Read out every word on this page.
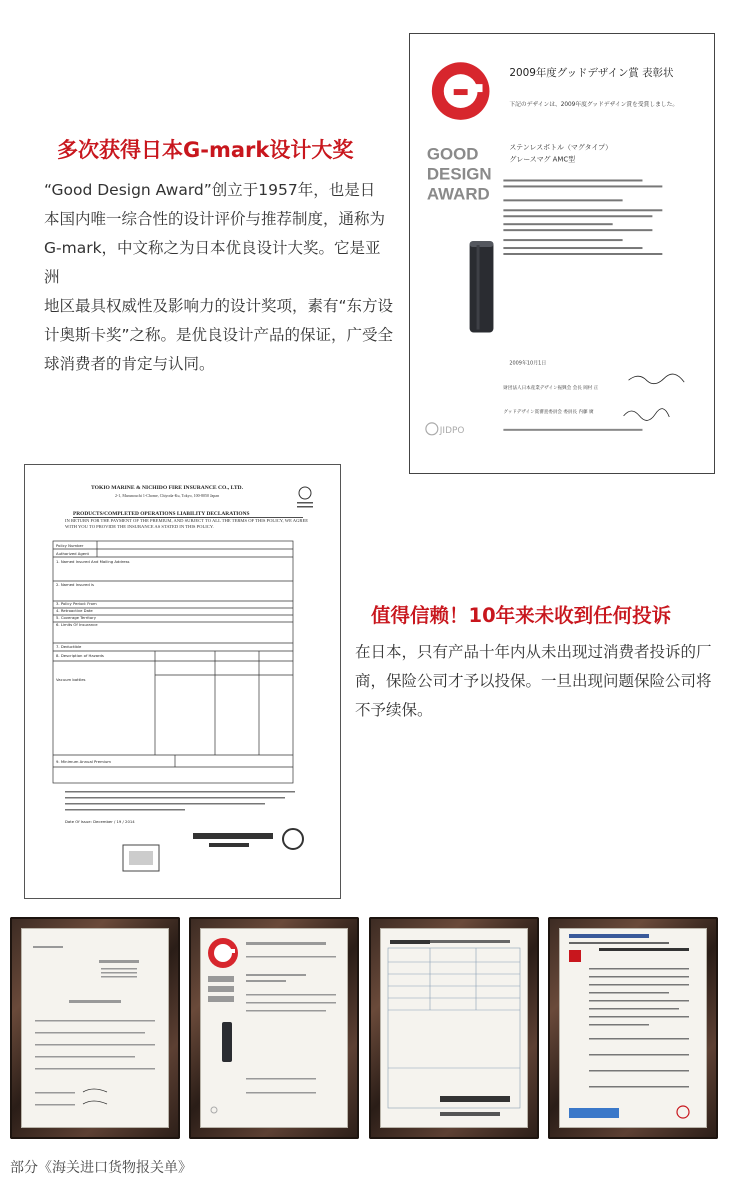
多次获得日本G-mark设计大奖
“Good Design Award”创立于1957年，也是日
本国内唯一综合性的设计评价与推荐制度，通称为
G-mark，中文称之为日本优良设计大奖。它是亚洲
地区最具权威性及影响力的设计奖项，素有“东方设
计奥斯卡奖”之称。是优良设计产品的保证，广受全
球消费者的肯定与认同。
GOOD
DESIGN
AWARD
2009年度グッドデザイン賞 表彰状
下記のデザインは、2009年度グッドデザイン賞を受賞しました。
ステンレスボトル（マグタイプ）
グレースマグ AMC型
2009年10月1日
財団法人日本産業デザイン振興会 会長 岡村 正
グッドデザイン賞審査委員会 委員長 内藤 廣
JIDPO
TOKIO MARINE & NICHIDO FIRE INSURANCE CO., LTD.
2-1, Marunouchi 1-Chome, Chiyoda-Ku, Tokyo, 100-8050 Japan
PRODUCTS/COMPLETED OPERATIONS LIABILITY DECLARATIONS
IN RETURN FOR THE PAYMENT OF THE PREMIUM, AND SUBJECT TO ALL THE TERMS OF THIS POLICY, WE AGREE WITH YOU TO PROVIDE THE INSURANCE AS STATED IN THIS POLICY.
Policy Number
Authorized Agent
1. Named Insured And Mailing Address
2. Named Insured is
3. Policy Period: From
4. Retroactive Date
5. Coverage Territory
6. Limits Of Insurance
7. Deductible
8. Description of Hazards
Vacuum bottles
9. Minimum Annual Premium
Date Of Issue: December / 19 / 2014
值得信赖！10年来未收到任何投诉
在日本，只有产品十年内从未出现过消费者投诉的厂
商，保险公司才予以投保。一旦出现问题保险公司将
不予续保。
部分《海关进口货物报关单》
